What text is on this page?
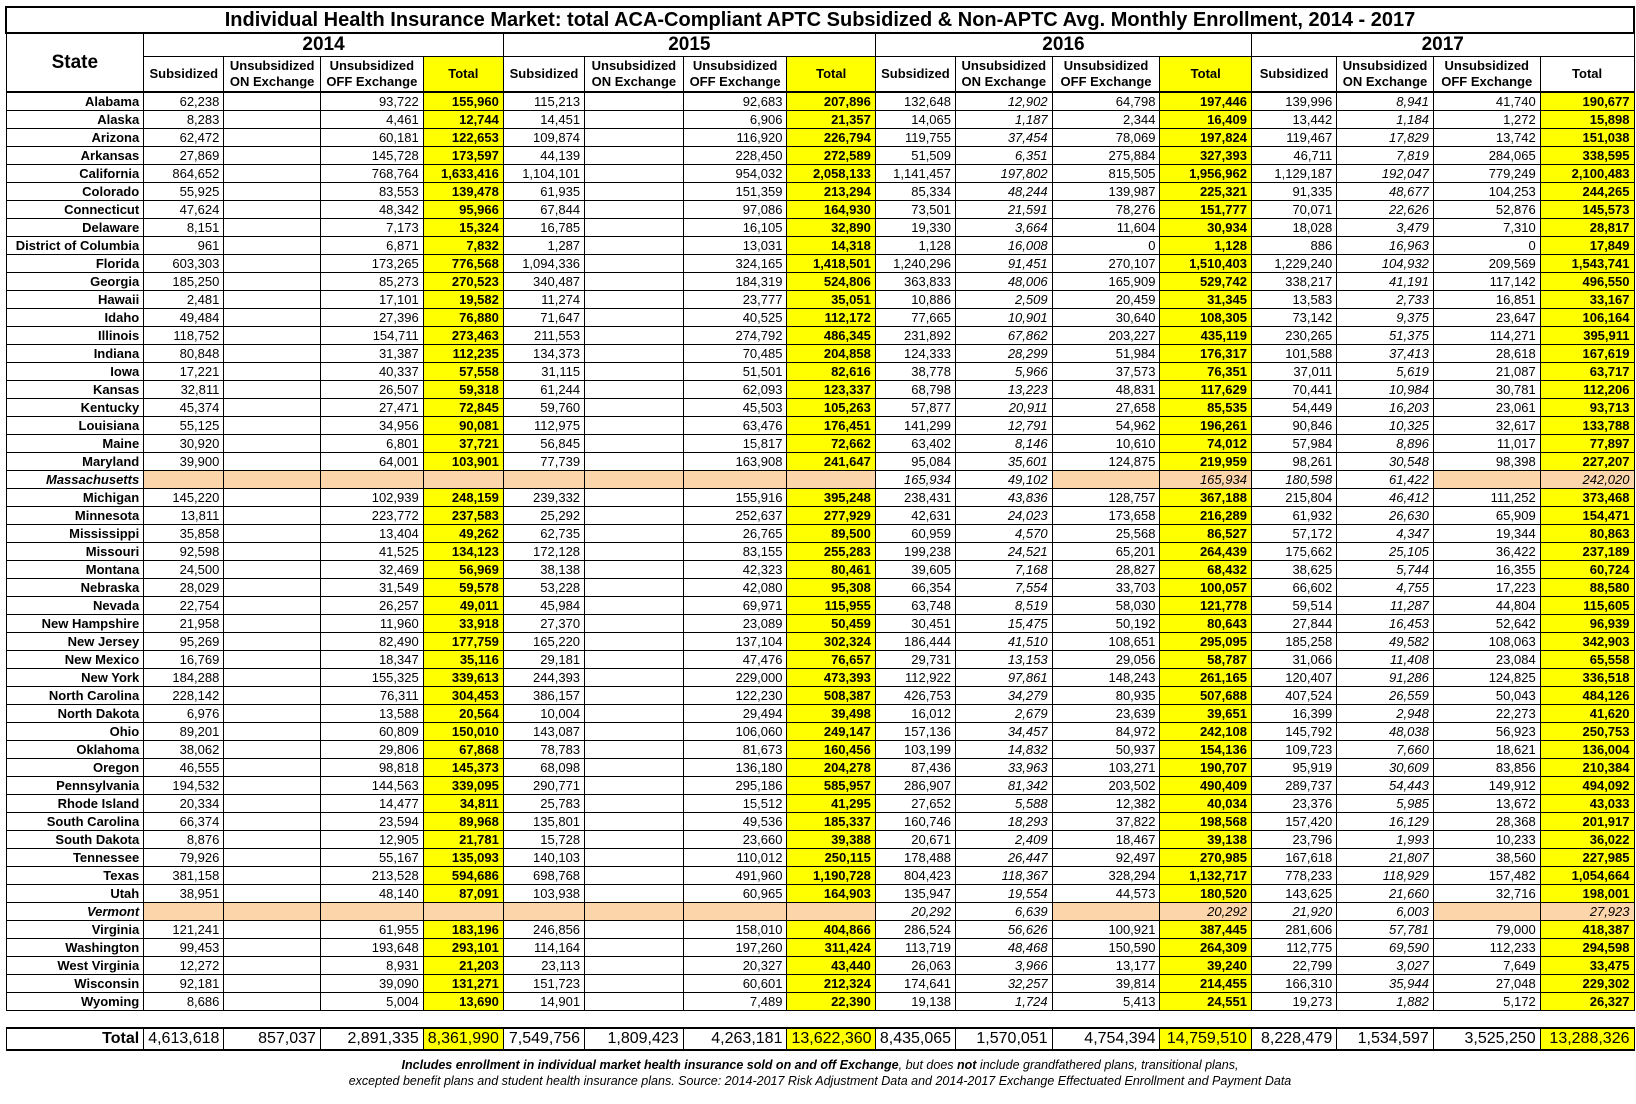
Individual Health Insurance Market: total ACA-Compliant APTC Subsidized & Non-APTC Avg. Monthly Enrollment, 2014 - 2017																
State	2014				2015				2016				2017			
	Subsidized	Unsubsidized ON Exchange	Unsubsidized OFF Exchange	Total	Subsidized	Unsubsidized ON Exchange	Unsubsidized OFF Exchange	Total	Subsidized	Unsubsidized ON Exchange	Unsubsidized OFF Exchange	Total	Subsidized	Unsubsidized ON Exchange	Unsubsidized OFF Exchange	Total
Alabama	62,238		93,722	155,960	115,213		92,683	207,896	132,648	12,902	64,798	197,446	139,996	8,941	41,740	190,677
Alaska	8,283		4,461	12,744	14,451		6,906	21,357	14,065	1,187	2,344	16,409	13,442	1,184	1,272	15,898
Arizona	62,472		60,181	122,653	109,874		116,920	226,794	119,755	37,454	78,069	197,824	119,467	17,829	13,742	151,038
Arkansas	27,869		145,728	173,597	44,139		228,450	272,589	51,509	6,351	275,884	327,393	46,711	7,819	284,065	338,595
California	864,652		768,764	1,633,416	1,104,101		954,032	2,058,133	1,141,457	197,802	815,505	1,956,962	1,129,187	192,047	779,249	2,100,483
Colorado	55,925		83,553	139,478	61,935		151,359	213,294	85,334	48,244	139,987	225,321	91,335	48,677	104,253	244,265
Connecticut	47,624		48,342	95,966	67,844		97,086	164,930	73,501	21,591	78,276	151,777	70,071	22,626	52,876	145,573
Delaware	8,151		7,173	15,324	16,785		16,105	32,890	19,330	3,664	11,604	30,934	18,028	3,479	7,310	28,817
District of Columbia	961		6,871	7,832	1,287		13,031	14,318	1,128	16,008	0	1,128	886	16,963	0	17,849
Florida	603,303		173,265	776,568	1,094,336		324,165	1,418,501	1,240,296	91,451	270,107	1,510,403	1,229,240	104,932	209,569	1,543,741
Georgia	185,250		85,273	270,523	340,487		184,319	524,806	363,833	48,006	165,909	529,742	338,217	41,191	117,142	496,550
Hawaii	2,481		17,101	19,582	11,274		23,777	35,051	10,886	2,509	20,459	31,345	13,583	2,733	16,851	33,167
Idaho	49,484		27,396	76,880	71,647		40,525	112,172	77,665	10,901	30,640	108,305	73,142	9,375	23,647	106,164
Illinois	118,752		154,711	273,463	211,553		274,792	486,345	231,892	67,862	203,227	435,119	230,265	51,375	114,271	395,911
Indiana	80,848		31,387	112,235	134,373		70,485	204,858	124,333	28,299	51,984	176,317	101,588	37,413	28,618	167,619
Iowa	17,221		40,337	57,558	31,115		51,501	82,616	38,778	5,966	37,573	76,351	37,011	5,619	21,087	63,717
Kansas	32,811		26,507	59,318	61,244		62,093	123,337	68,798	13,223	48,831	117,629	70,441	10,984	30,781	112,206
Kentucky	45,374		27,471	72,845	59,760		45,503	105,263	57,877	20,911	27,658	85,535	54,449	16,203	23,061	93,713
Louisiana	55,125		34,956	90,081	112,975		63,476	176,451	141,299	12,791	54,962	196,261	90,846	10,325	32,617	133,788
Maine	30,920		6,801	37,721	56,845		15,817	72,662	63,402	8,146	10,610	74,012	57,984	8,896	11,017	77,897
Maryland	39,900		64,001	103,901	77,739		163,908	241,647	95,084	35,601	124,875	219,959	98,261	30,548	98,398	227,207
Massachusetts									165,934	49,102		165,934	180,598	61,422		242,020
Michigan	145,220		102,939	248,159	239,332		155,916	395,248	238,431	43,836	128,757	367,188	215,804	46,412	111,252	373,468
Minnesota	13,811		223,772	237,583	25,292		252,637	277,929	42,631	24,023	173,658	216,289	61,932	26,630	65,909	154,471
Mississippi	35,858		13,404	49,262	62,735		26,765	89,500	60,959	4,570	25,568	86,527	57,172	4,347	19,344	80,863
Missouri	92,598		41,525	134,123	172,128		83,155	255,283	199,238	24,521	65,201	264,439	175,662	25,105	36,422	237,189
Montana	24,500		32,469	56,969	38,138		42,323	80,461	39,605	7,168	28,827	68,432	38,625	5,744	16,355	60,724
Nebraska	28,029		31,549	59,578	53,228		42,080	95,308	66,354	7,554	33,703	100,057	66,602	4,755	17,223	88,580
Nevada	22,754		26,257	49,011	45,984		69,971	115,955	63,748	8,519	58,030	121,778	59,514	11,287	44,804	115,605
New Hampshire	21,958		11,960	33,918	27,370		23,089	50,459	30,451	15,475	50,192	80,643	27,844	16,453	52,642	96,939
New Jersey	95,269		82,490	177,759	165,220		137,104	302,324	186,444	41,510	108,651	295,095	185,258	49,582	108,063	342,903
New Mexico	16,769		18,347	35,116	29,181		47,476	76,657	29,731	13,153	29,056	58,787	31,066	11,408	23,084	65,558
New York	184,288		155,325	339,613	244,393		229,000	473,393	112,922	97,861	148,243	261,165	120,407	91,286	124,825	336,518
North Carolina	228,142		76,311	304,453	386,157		122,230	508,387	426,753	34,279	80,935	507,688	407,524	26,559	50,043	484,126
North Dakota	6,976		13,588	20,564	10,004		29,494	39,498	16,012	2,679	23,639	39,651	16,399	2,948	22,273	41,620
Ohio	89,201		60,809	150,010	143,087		106,060	249,147	157,136	34,457	84,972	242,108	145,792	48,038	56,923	250,753
Oklahoma	38,062		29,806	67,868	78,783		81,673	160,456	103,199	14,832	50,937	154,136	109,723	7,660	18,621	136,004
Oregon	46,555		98,818	145,373	68,098		136,180	204,278	87,436	33,963	103,271	190,707	95,919	30,609	83,856	210,384
Pennsylvania	194,532		144,563	339,095	290,771		295,186	585,957	286,907	81,342	203,502	490,409	289,737	54,443	149,912	494,092
Rhode Island	20,334		14,477	34,811	25,783		15,512	41,295	27,652	5,588	12,382	40,034	23,376	5,985	13,672	43,033
South Carolina	66,374		23,594	89,968	135,801		49,536	185,337	160,746	18,293	37,822	198,568	157,420	16,129	28,368	201,917
South Dakota	8,876		12,905	21,781	15,728		23,660	39,388	20,671	2,409	18,467	39,138	23,796	1,993	10,233	36,022
Tennessee	79,926		55,167	135,093	140,103		110,012	250,115	178,488	26,447	92,497	270,985	167,618	21,807	38,560	227,985
Texas	381,158		213,528	594,686	698,768		491,960	1,190,728	804,423	118,367	328,294	1,132,717	778,233	118,929	157,482	1,054,664
Utah	38,951		48,140	87,091	103,938		60,965	164,903	135,947	19,554	44,573	180,520	143,625	21,660	32,716	198,001
Vermont									20,292	6,639		20,292	21,920	6,003		27,923
Virginia	121,241		61,955	183,196	246,856		158,010	404,866	286,524	56,626	100,921	387,445	281,606	57,781	79,000	418,387
Washington	99,453		193,648	293,101	114,164		197,260	311,424	113,719	48,468	150,590	264,309	112,775	69,590	112,233	294,598
West Virginia	12,272		8,931	21,203	23,113		20,327	43,440	26,063	3,966	13,177	39,240	22,799	3,027	7,649	33,475
Wisconsin	92,181		39,090	131,271	151,723		60,601	212,324	174,641	32,257	39,814	214,455	166,310	35,944	27,048	229,302
Wyoming	8,686		5,004	13,690	14,901		7,489	22,390	19,138	1,724	5,413	24,551	19,273	1,882	5,172	26,327

Total	4,613,618	857,037	2,891,335	8,361,990	7,549,756	1,809,423	4,263,181	13,622,360	8,435,065	1,570,051	4,754,394	14,759,510	8,228,479	1,534,597	3,525,250	13,288,326
Includes enrollment in individual market health insurance sold on and off Exchange, but does not include grandfathered plans, transitional plans,
excepted benefit plans and student health insurance plans. Source: 2014-2017 Risk Adjustment Data and 2014-2017 Exchange Effectuated Enrollment and Payment Data																
